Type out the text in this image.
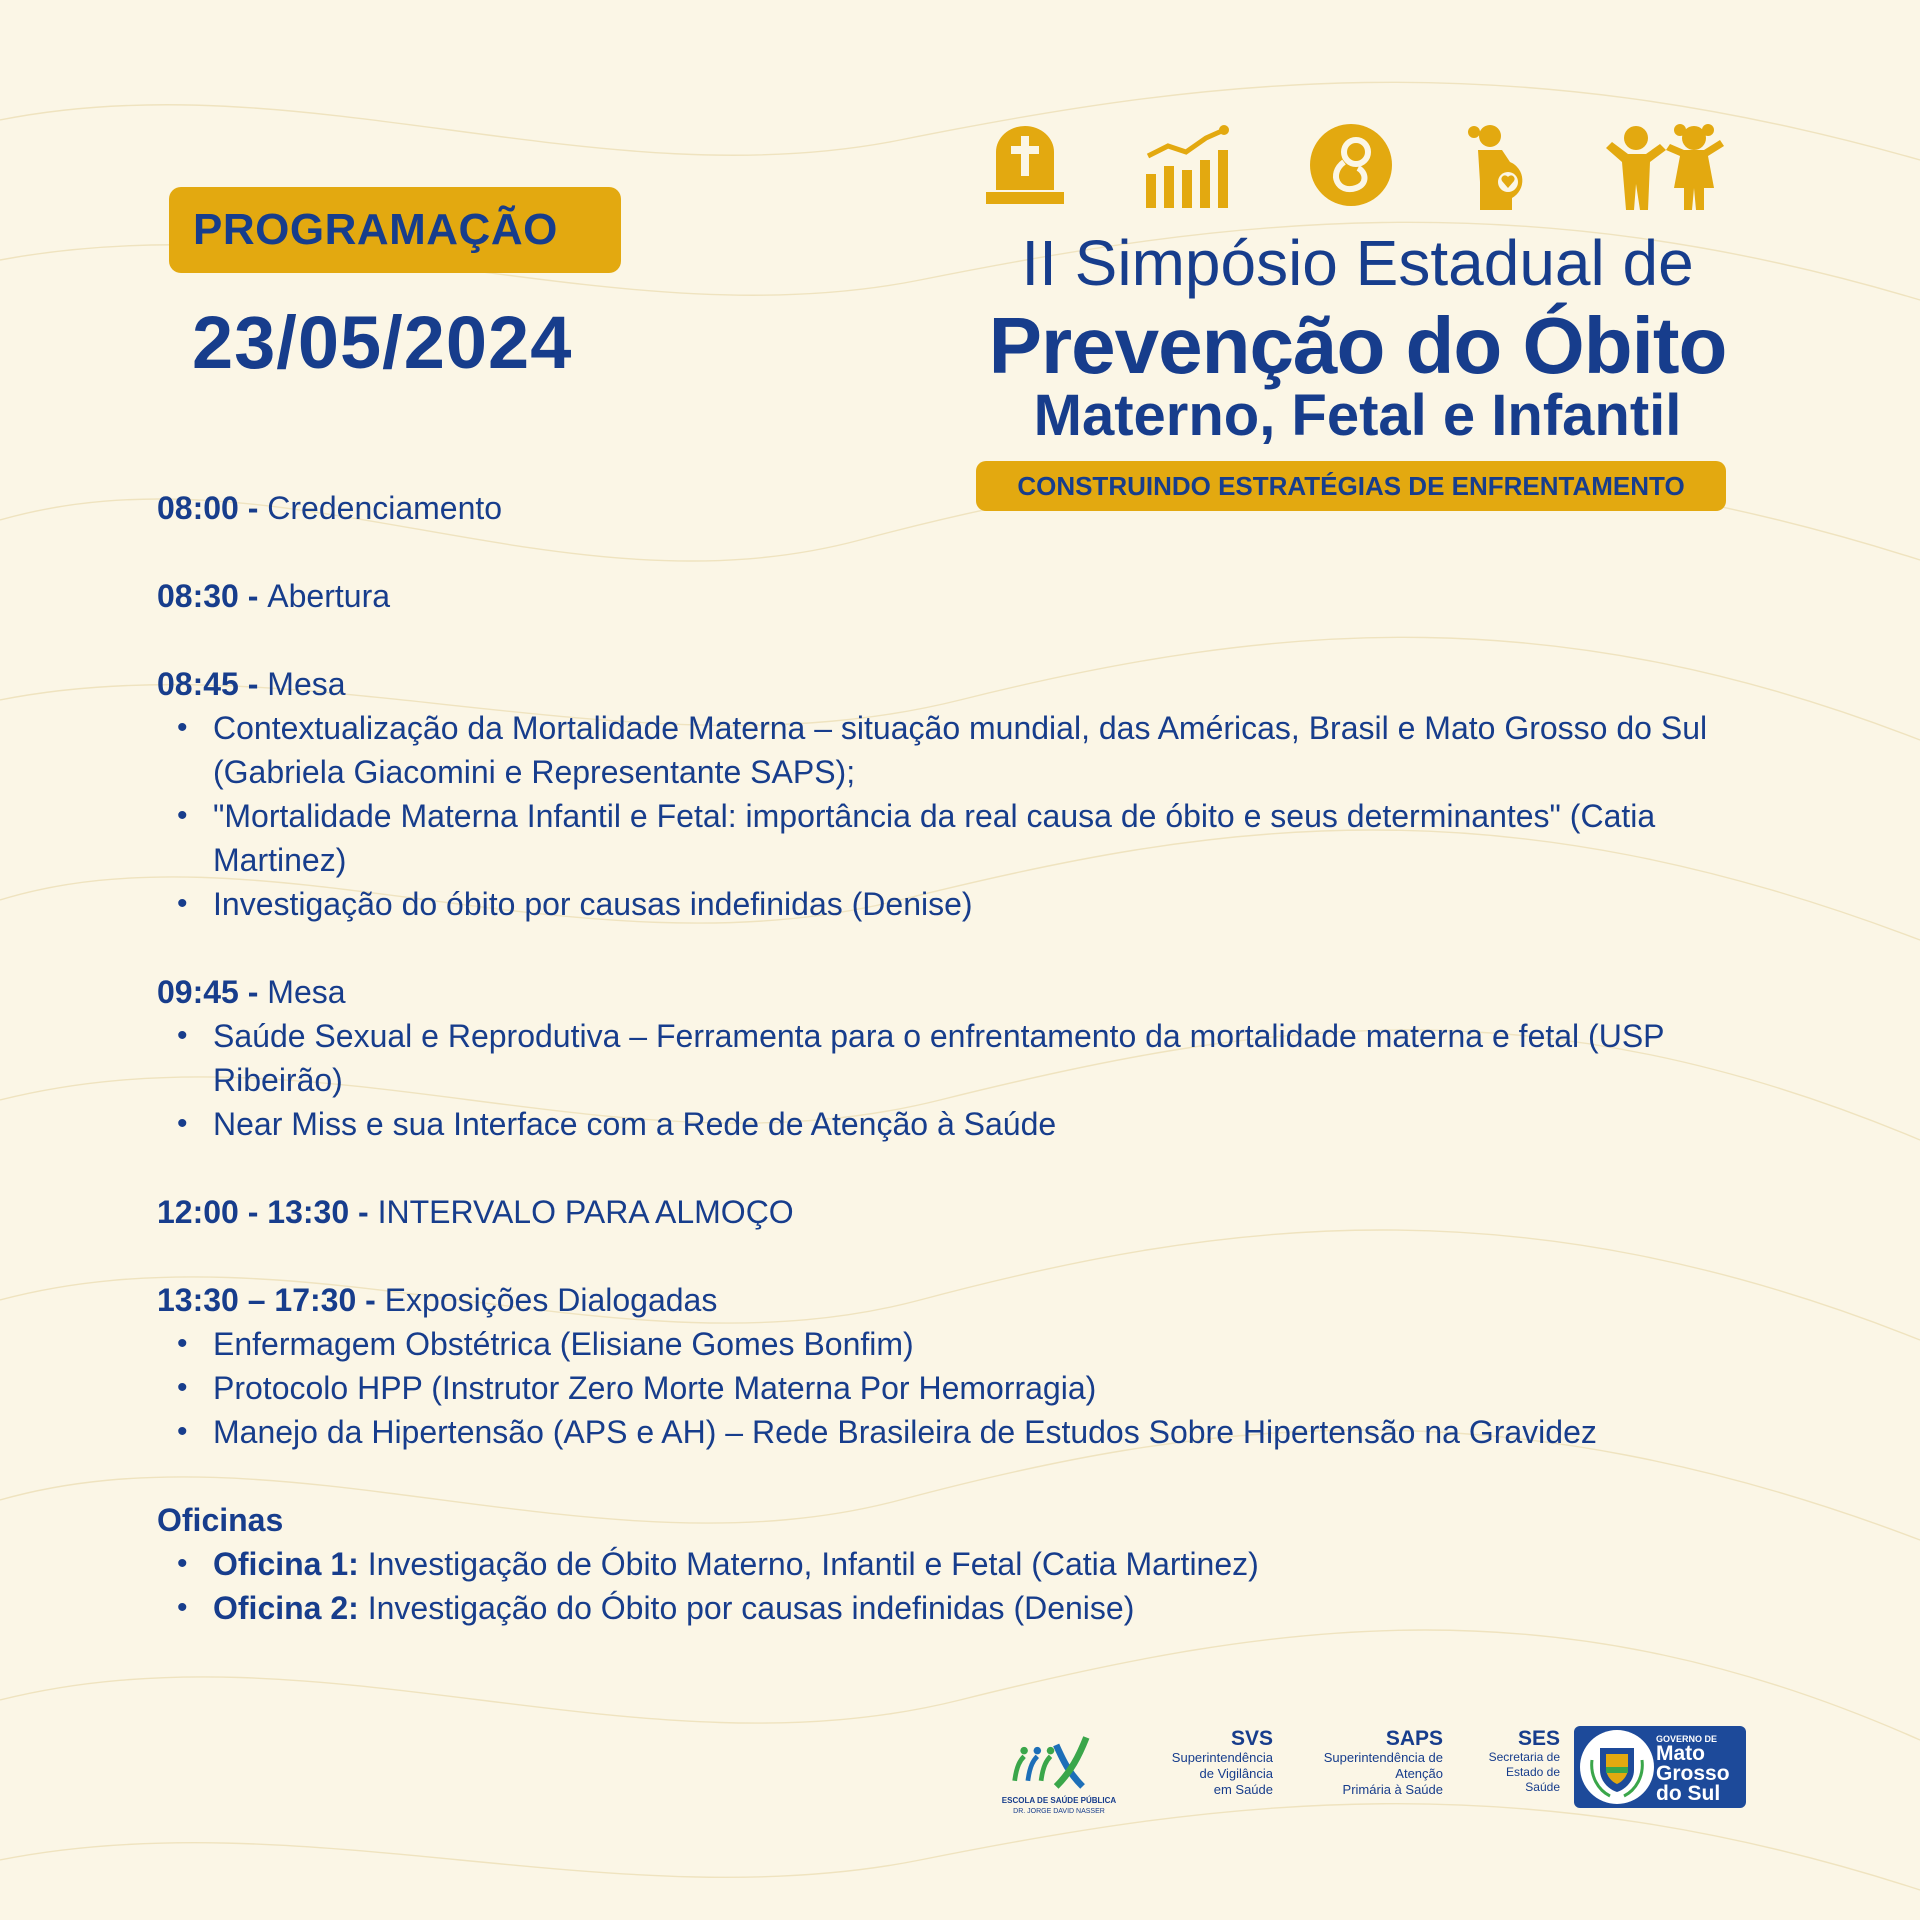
PROGRAMAÇÃO
23/05/2024
II Simpósio Estadual de
Prevenção do Óbito
Materno, Fetal e Infantil
CONSTRUINDO ESTRATÉGIAS DE ENFRENTAMENTO
08:00 - Credenciamento
08:30 - Abertura
08:45 - Mesa
• Contextualização da Mortalidade Materna – situação mundial, das Américas, Brasil e Mato Grosso do Sul (Gabriela Giacomini e Representante SAPS);
• "Mortalidade Materna Infantil e Fetal: importância da real causa de óbito e seus determinantes" (Catia Martinez)
• Investigação do óbito por causas indefinidas (Denise)
09:45 - Mesa
• Saúde Sexual e Reprodutiva – Ferramenta para o enfrentamento da mortalidade materna e fetal (USP Ribeirão)
• Near Miss e sua Interface com a Rede de Atenção à Saúde
12:00 - 13:30 - INTERVALO PARA ALMOÇO
13:30 – 17:30 - Exposições Dialogadas
• Enfermagem Obstétrica (Elisiane Gomes Bonfim)
• Protocolo HPP (Instrutor Zero Morte Materna Por Hemorragia)
• Manejo da Hipertensão (APS e AH) – Rede Brasileira de Estudos Sobre Hipertensão na Gravidez
Oficinas
• Oficina 1: Investigação de Óbito Materno, Infantil e Fetal (Catia Martinez)
• Oficina 2: Investigação do Óbito por causas indefinidas (Denise)
ESCOLA DE SAÚDE PÚBLICA
DR. JORGE DAVID NASSER
SVS
Superintendência
de Vigilância
em Saúde
SAPS
Superintendência de
Atenção
Primária à Saúde
SES
Secretaria de
Estado de
Saúde
GOVERNO DE
Mato
Grosso
do Sul
